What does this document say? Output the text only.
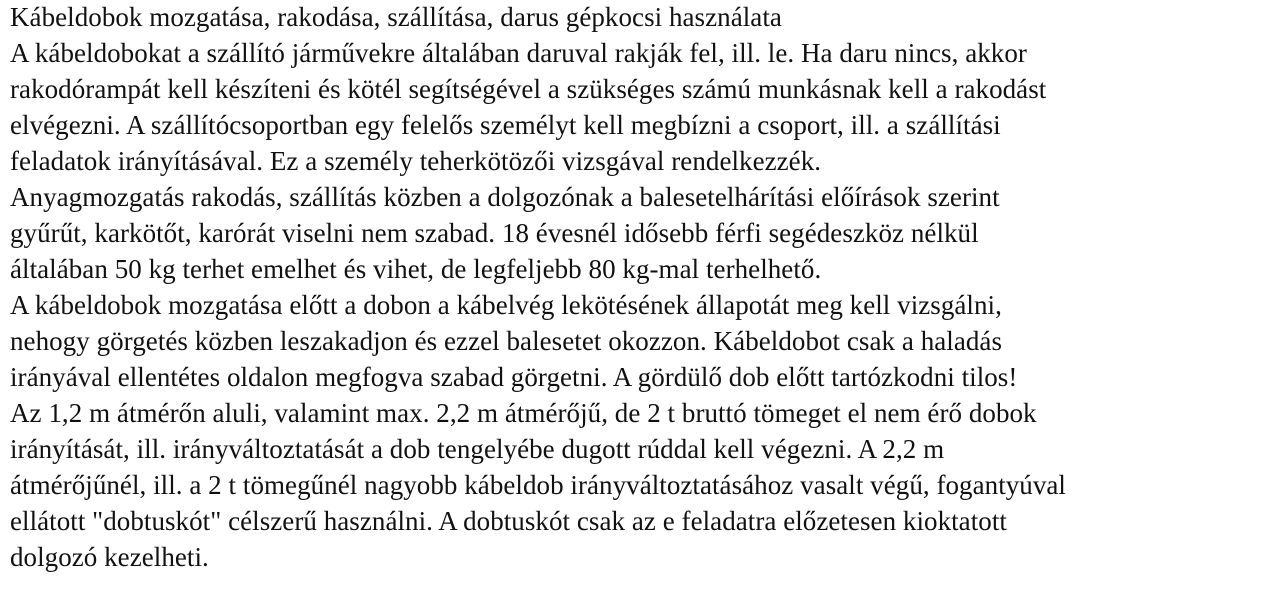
Kábeldobok mozgatása, rakodása, szállítása, darus gépkocsi használata
A kábeldobokat a szállító járművekre általában daruval rakják fel, ill. le. Ha daru nincs, akkor
rakodórampát kell készíteni és kötél segítségével a szükséges számú munkásnak kell a rakodást
elvégezni. A szállítócsoportban egy felelős személyt kell megbízni a csoport, ill. a szállítási
feladatok irányításával. Ez a személy teherkötözői vizsgával rendelkezzék.
Anyagmozgatás rakodás, szállítás közben a dolgozónak a balesetelhárítási előírások szerint
gyűrűt, karkötőt, karórát viselni nem szabad. 18 évesnél idősebb férfi segédeszköz nélkül
általában 50 kg terhet emelhet és vihet, de legfeljebb 80 kg-mal terhelhető.
A kábeldobok mozgatása előtt a dobon a kábelvég lekötésének állapotát meg kell vizsgálni,
nehogy görgetés közben leszakadjon és ezzel balesetet okozzon. Kábeldobot csak a haladás
irányával ellentétes oldalon megfogva szabad görgetni. A gördülő dob előtt tartózkodni tilos!
Az 1,2 m átmérőn aluli, valamint max. 2,2 m átmérőjű, de 2 t bruttó tömeget el nem érő dobok
irányítását, ill. irányváltoztatását a dob tengelyébe dugott rúddal kell végezni. A 2,2 m
átmérőjűnél, ill. a 2 t tömegűnél nagyobb kábeldob irányváltoztatásához vasalt végű, fogantyúval
ellátott "dobtuskót" célszerű használni. A dobtuskót csak az e feladatra előzetesen kioktatott
dolgozó kezelheti.
